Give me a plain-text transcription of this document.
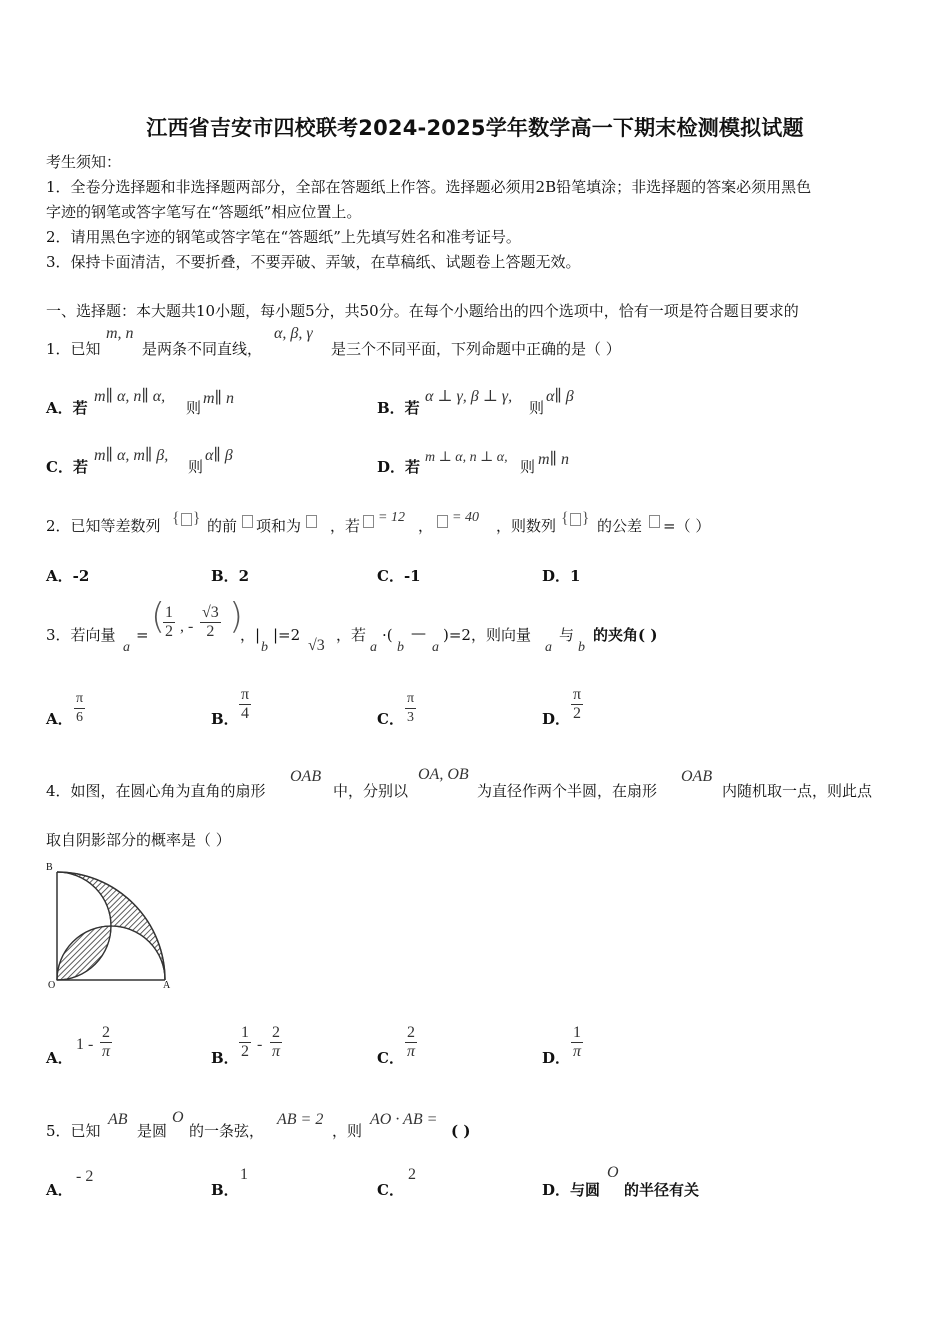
江西省吉安市四校联考2024-2025学年数学高一下期末检测模拟试题
考生须知：
1．全卷分选择题和非选择题两部分，全部在答题纸上作答。选择题必须用2B铅笔填涂；非选择题的答案必须用黑色
字迹的钢笔或答字笔写在“答题纸”相应位置上。
2．请用黑色字迹的钢笔或答字笔在“答题纸”上先填写姓名和准考证号。
3．保持卡面清洁，不要折叠，不要弄破、弄皱，在草稿纸、试题卷上答题无效。
一、选择题：本大题共10小题，每小题5分，共50分。在每个小题给出的四个选项中，恰有一项是符合题目要求的
1．已知
m, n
是两条不同直线，
α, β, γ
是三个不同平面，下列命题中正确的是（ ）
A．若
m∥ α, n∥ α,
则
m∥ n
B．若
α ⊥ γ, β ⊥ γ,
则
α∥ β
C．若
m∥ α, m∥ β,
则
α∥ β
D．若
m ⊥ α, n ⊥ α,
则 m∥ n
2．已知等差数列 { } 的前 项和为 ，若 = 12 ， = 40 ，则数列 { } 的公差 =（ ）
A．-2	B．2	C．-1	D．1
3．若向量
a
= (
$\frac{1}{2}$ , - $\frac{√3}{2}$ )
，|
b
|=2
√3
，若
a
·(
b
—
a
)=2，则向量
a
与
b
的夹角( )
A． $\frac{\pi}{6}$	B． $\frac{\pi}{4}$	C． $\frac{\pi}{3}$	D． $\frac{\pi}{2}$
4．如图，在圆心角为直角的扇形
OAB
中，分别以
OA, OB
为直径作两个半圆，在扇形
OAB
内随机取一点，则此点
取自阴影部分的概率是（ ）
B
O	A
A．
$1 - \frac{2}{\pi}$	B． $\frac{1}{2} - \frac{2}{\pi}$	C． $\frac{2}{\pi}$	D． $\frac{1}{\pi}$
5．已知
AB
是圆
O
的一条弦，
AB = 2
，则
AO · AB =
( )
A．
- 2
B．
1
C．
2
D．与圆
O
的半径有关
